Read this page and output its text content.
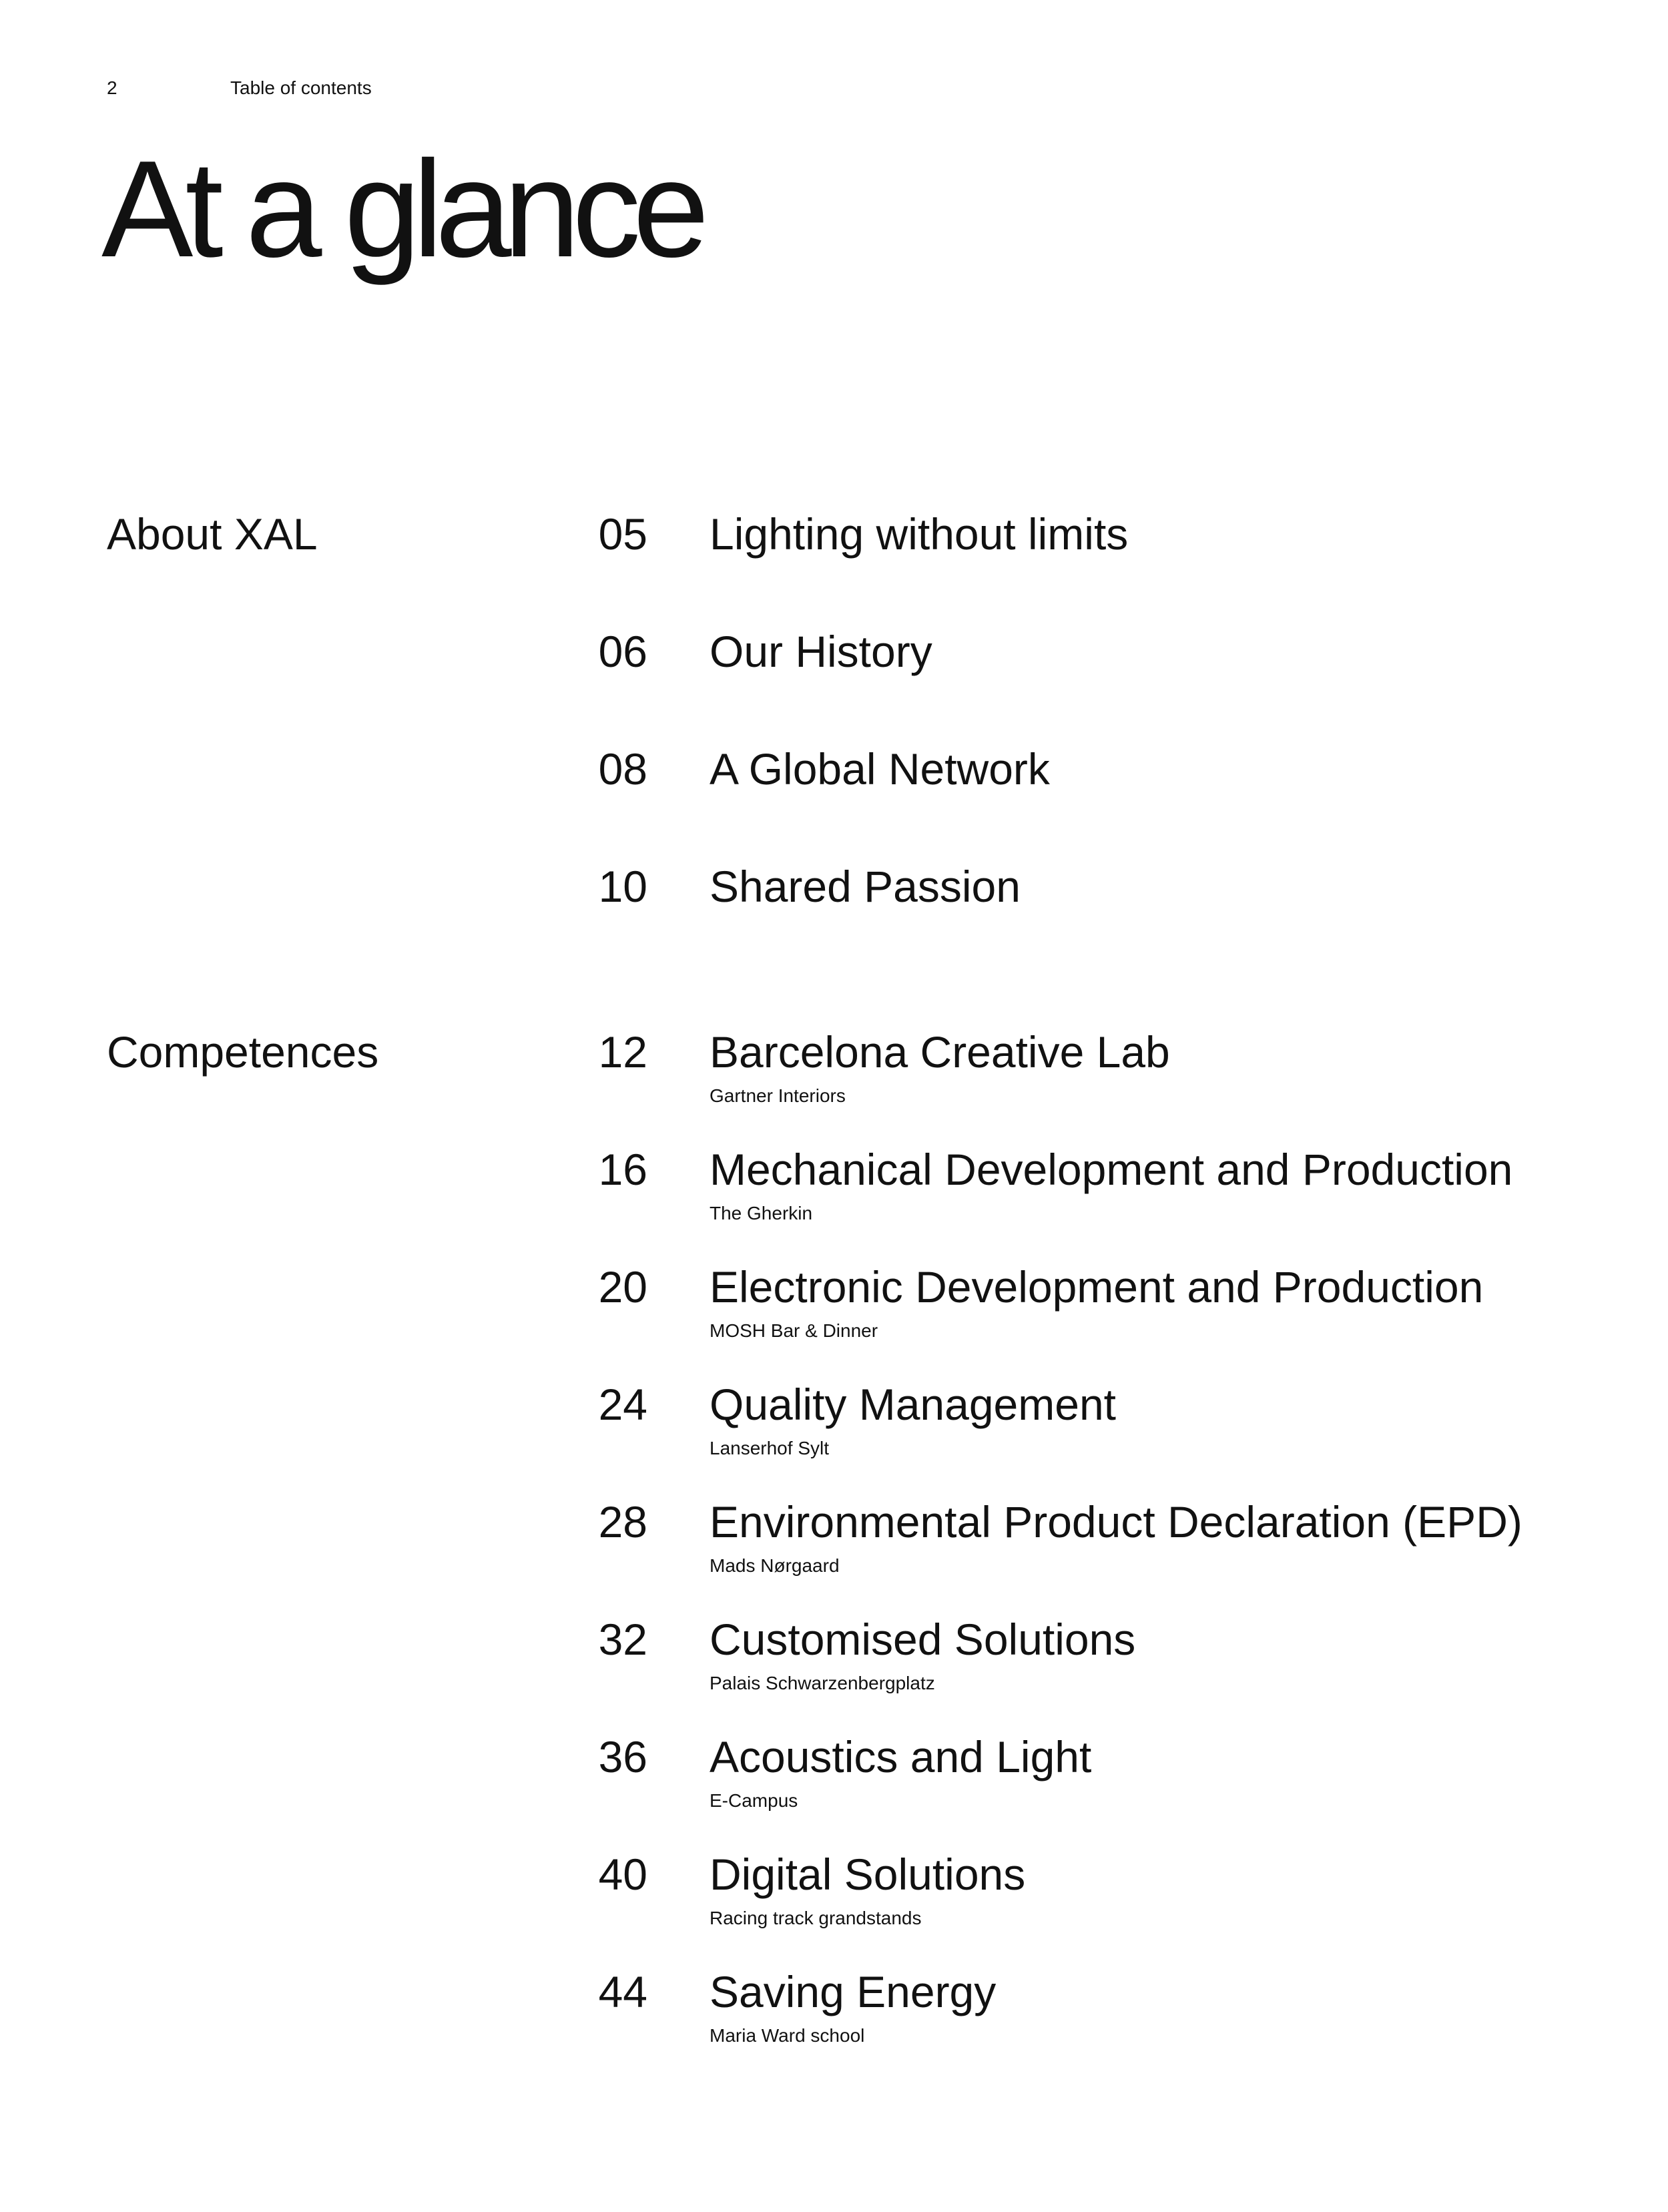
2	Table of contents
At a glance
About XAL	05 Lighting without limits
06 Our History
08 A Global Network
10 Shared Passion
Competences	12 Barcelona Creative Lab
Gartner Interiors
16 Mechanical Development and Production
The Gherkin
20 Electronic Development and Production
MOSH Bar & Dinner
24 Quality Management
Lanserhof Sylt
28 Environmental Product Declaration (EPD)
Mads Nørgaard
32 Customised Solutions
Palais Schwarzenbergplatz
36 Acoustics and Light
E-Campus
40 Digital Solutions
Racing track grandstands
44 Saving Energy
Maria Ward school
